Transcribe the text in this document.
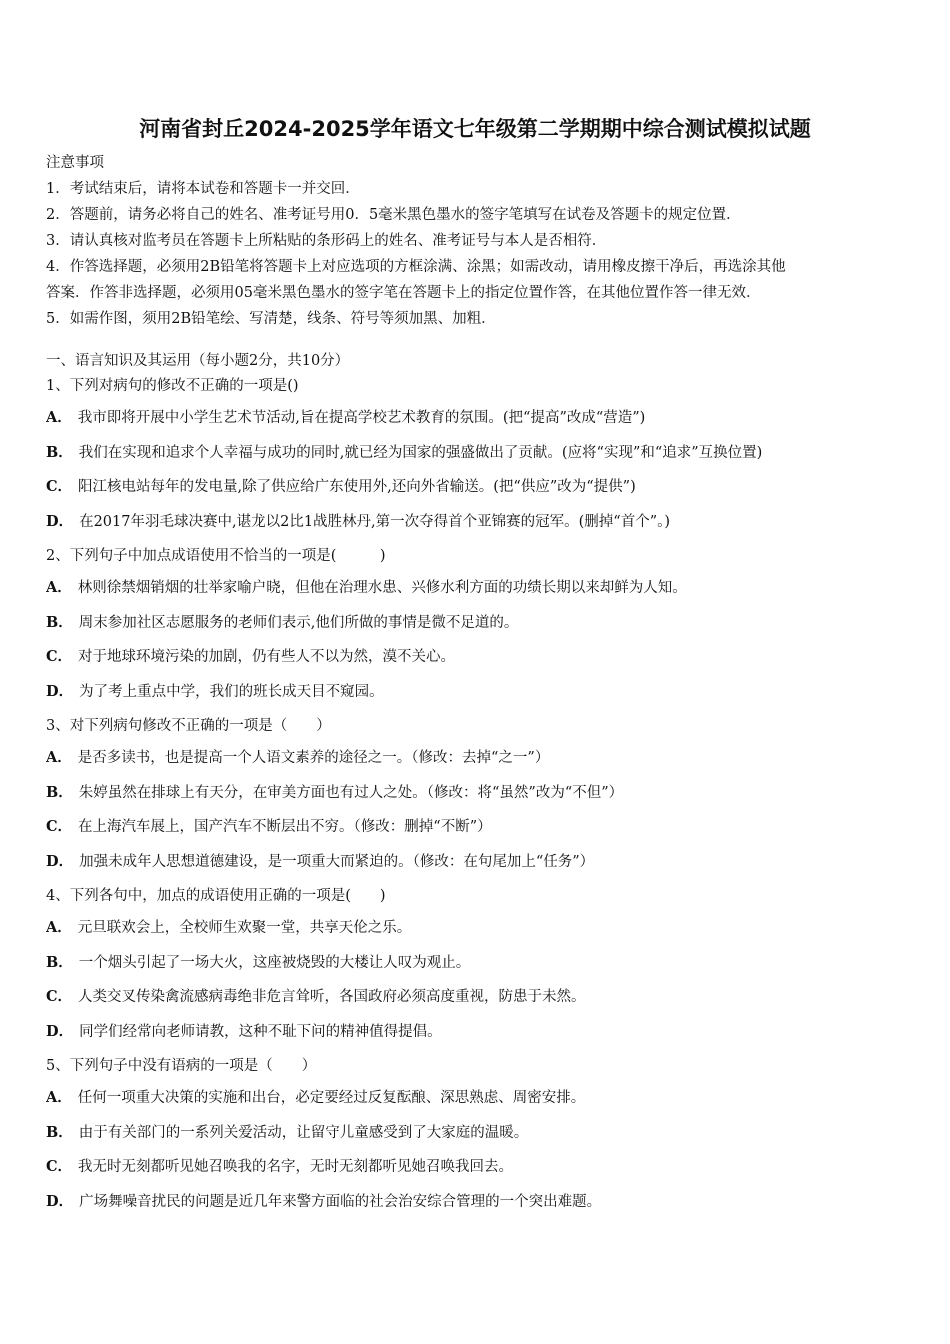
河南省封丘2024-2025学年语文七年级第二学期期中综合测试模拟试题
注意事项
1．考试结束后，请将本试卷和答题卡一并交回．
2．答题前，请务必将自己的姓名、准考证号用0．5毫米黑色墨水的签字笔填写在试卷及答题卡的规定位置．
3．请认真核对监考员在答题卡上所粘贴的条形码上的姓名、准考证号与本人是否相符．
4．作答选择题，必须用2B铅笔将答题卡上对应选项的方框涂满、涂黑；如需改动，请用橡皮擦干净后，再选涂其他
答案．作答非选择题，必须用05毫米黑色墨水的签字笔在答题卡上的指定位置作答，在其他位置作答一律无效．
5．如需作图，须用2B铅笔绘、写清楚，线条、符号等须加黑、加粗．
一、语言知识及其运用（每小题2分，共10分）
1、下列对病句的修改不正确的一项是()
A． 我市即将开展中小学生艺术节活动,旨在提高学校艺术教育的氛围。(把“提高”改成“营造”)
B． 我们在实现和追求个人幸福与成功的同时,就已经为国家的强盛做出了贡献。(应将“实现”和“追求”互换位置)
C． 阳江核电站每年的发电量,除了供应给广东使用外,还向外省输送。(把“供应”改为“提供”)
D． 在2017年羽毛球决赛中,谌龙以2比1战胜林丹,第一次夺得首个亚锦赛的冠军。(删掉“首个”。)
2、下列句子中加点成语使用不恰当的一项是(　　　)
A． 林则徐禁烟销烟的壮举家喻户晓，但他在治理水患、兴修水利方面的功绩长期以来却鲜为人知。
B． 周末参加社区志愿服务的老师们表示,他们所做的事情是微不足道的。
C． 对于地球环境污染的加剧，仍有些人不以为然，漠不关心。
D． 为了考上重点中学，我们的班长成天目不窥园。
3、对下列病句修改不正确的一项是（　　）
A． 是否多读书，也是提高一个人语文素养的途径之一。（修改：去掉“之一”）
B． 朱婷虽然在排球上有天分，在审美方面也有过人之处。（修改：将“虽然”改为“不但”）
C． 在上海汽车展上，国产汽车不断层出不穷。（修改：删掉“不断”）
D． 加强未成年人思想道德建设，是一项重大而紧迫的。（修改：在句尾加上“任务”）
4、下列各句中，加点的成语使用正确的一项是(　　)
A． 元旦联欢会上，全校师生欢聚一堂，共享天伦之乐。
B． 一个烟头引起了一场大火，这座被烧毁的大楼让人叹为观止。
C． 人类交叉传染禽流感病毒绝非危言耸听，各国政府必须高度重视，防患于未然。
D． 同学们经常向老师请教，这种不耻下问的精神值得提倡。
5、下列句子中没有语病的一项是（　　）
A． 任何一项重大决策的实施和出台，必定要经过反复酝酿、深思熟虑、周密安排。
B． 由于有关部门的一系列关爱活动，让留守儿童感受到了大家庭的温暖。
C． 我无时无刻都听见她召唤我的名字，无时无刻都听见她召唤我回去。
D． 广场舞噪音扰民的问题是近几年来警方面临的社会治安综合管理的一个突出难题。
